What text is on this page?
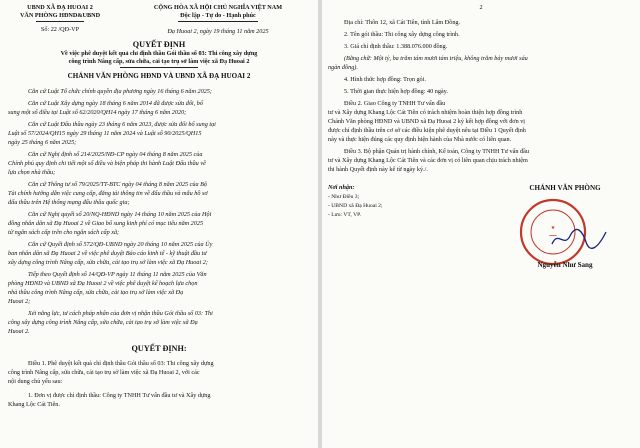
UBND XÃ ĐẠ HUOAI 2
VĂN PHÒNG HĐND&UBND
Số: 22 /QĐ-VP
CỘNG HÒA XÃ HỘI CHỦ NGHĨA VIỆT NAM
Độc lập - Tự do - Hạnh phúc
Đạ Huoai 2, ngày 19 tháng 11 năm 2025
QUYẾT ĐỊNH
Về việc phê duyệt kết quả chỉ định thầu Gói thầu số 03: Thi công xây dựng
công trình Nâng cấp, sửa chữa, cải tạo trụ sở làm việc xã Đạ Huoai 2
CHÁNH VĂN PHÒNG HĐND VÀ UBND XÃ ĐẠ HUOAI 2
Căn cứ Luật Tổ chức chính quyền địa phương ngày 16 tháng 6 năm 2025;
Căn cứ Luật Xây dựng ngày 18 tháng 6 năm 2014 đã được sửa đổi, bổ
sung một số điều tại Luật số 62/2020/QH14 ngày 17 tháng 6 năm 2020;
Căn cứ Luật Đấu thầu ngày 23 tháng 6 năm 2023, được sửa đổi bổ sung tại
Luật số 57/2024/QH15 ngày 29 tháng 11 năm 2024 và Luật số 90/2025/QH15
ngày 25 tháng 6 năm 2025;
Căn cứ Nghị định số 214/2025/NĐ-CP ngày 04 tháng 8 năm 2025 của
Chính phủ quy định chi tiết một số điều và biện pháp thi hành Luật Đấu thầu về
lựa chọn nhà thầu;
Căn cứ Thông tư số 79/2025/TT-BTC ngày 04 tháng 8 năm 2025 của Bộ
Tài chính hướng dẫn việc cung cấp, đăng tải thông tin về đấu thầu và mẫu hồ sơ
đấu thầu trên Hệ thống mạng đấu thầu quốc gia;
Căn cứ Nghị quyết số 20/NQ-HĐND ngày 14 tháng 10 năm 2025 của Hội
đồng nhân dân xã Đạ Huoai 2 về Giao bổ sung kinh phí có mục tiêu năm 2025
từ ngân sách cấp trên cho ngân sách cấp xã;
Căn cứ Quyết định số 572/QĐ-UBND ngày 20 tháng 10 năm 2025 của Ủy
ban nhân dân xã Đạ Huoai 2 về việc phê duyệt Báo cáo kinh tế - kỹ thuật đầu tư
xây dựng công trình Nâng cấp, sửa chữa, cải tạo trụ sở làm việc xã Đạ Huoai 2;
Tiếp theo Quyết định số 14/QĐ-VP ngày 11 tháng 11 năm 2025 của Văn
phòng HĐND và UBND xã Đạ Huoai 2 về việc phê duyệt kế hoạch lựa chọn
nhà thầu công trình Nâng cấp, sửa chữa, cải tạo trụ sở làm việc xã Đạ
Huoai 2;
Xét năng lực, tư cách pháp nhân của đơn vị nhận thầu Gói thầu số 03: Thi
công xây dựng công trình Nâng cấp, sửa chữa, cải tạo trụ sở làm việc xã Đạ
Huoai 2.
QUYẾT ĐỊNH:
Điều 1. Phê duyệt kết quả chỉ định thầu Gói thầu số 03: Thi công xây dựng
công trình Nâng cấp, sửa chữa, cải tạo trụ sở làm việc xã Đạ Huoai 2, với các
nội dung chủ yếu sau:
1. Đơn vị được chỉ định thầu: Công ty TNHH Tư vấn đầu tư và Xây dựng
Khang Lộc Cát Tiên.
2
Địa chỉ: Thôn 12, xã Cát Tiên, tỉnh Lâm Đồng.
2. Tên gói thầu: Thi công xây dựng công trình.
3. Giá chỉ định thầu: 1.388.076.000 đồng.
(Bằng chữ: Một tỷ, ba trăm tám mươi tám triệu, không trăm bảy mươi sáu
ngàn đồng).
4. Hình thức hợp đồng: Trọn gói.
5. Thời gian thực hiện hợp đồng: 40 ngày.
Điều 2. Giao Công ty TNHH Tư vấn đầu
tư và Xây dựng Khang Lộc Cát Tiên có trách nhiệm hoàn thiện hợp đồng trình
Chánh Văn phòng HĐND và UBND xã Đạ Huoai 2 ký kết hợp đồng với đơn vị
được chỉ định thầu trên cơ sở các điều kiện phê duyệt nêu tại Điều 1 Quyết định
này và thực hiện đúng các quy định hiện hành của Nhà nước có liên quan.
Điều 3. Bộ phận Quản trị hành chính, Kế toán, Công ty TNHH Tư vấn đầu
tư và Xây dựng Khang Lộc Cát Tiên và các đơn vị có liên quan chịu trách nhiệm
thi hành Quyết định này kể từ ngày ký./.
Nơi nhận:
- Như Điều 3;
- UBND xã Đạ Huoai 2;
- Lưu: VT, VP.
CHÁNH VĂN PHÒNG
★
━━━
Nguyễn Như Sang
